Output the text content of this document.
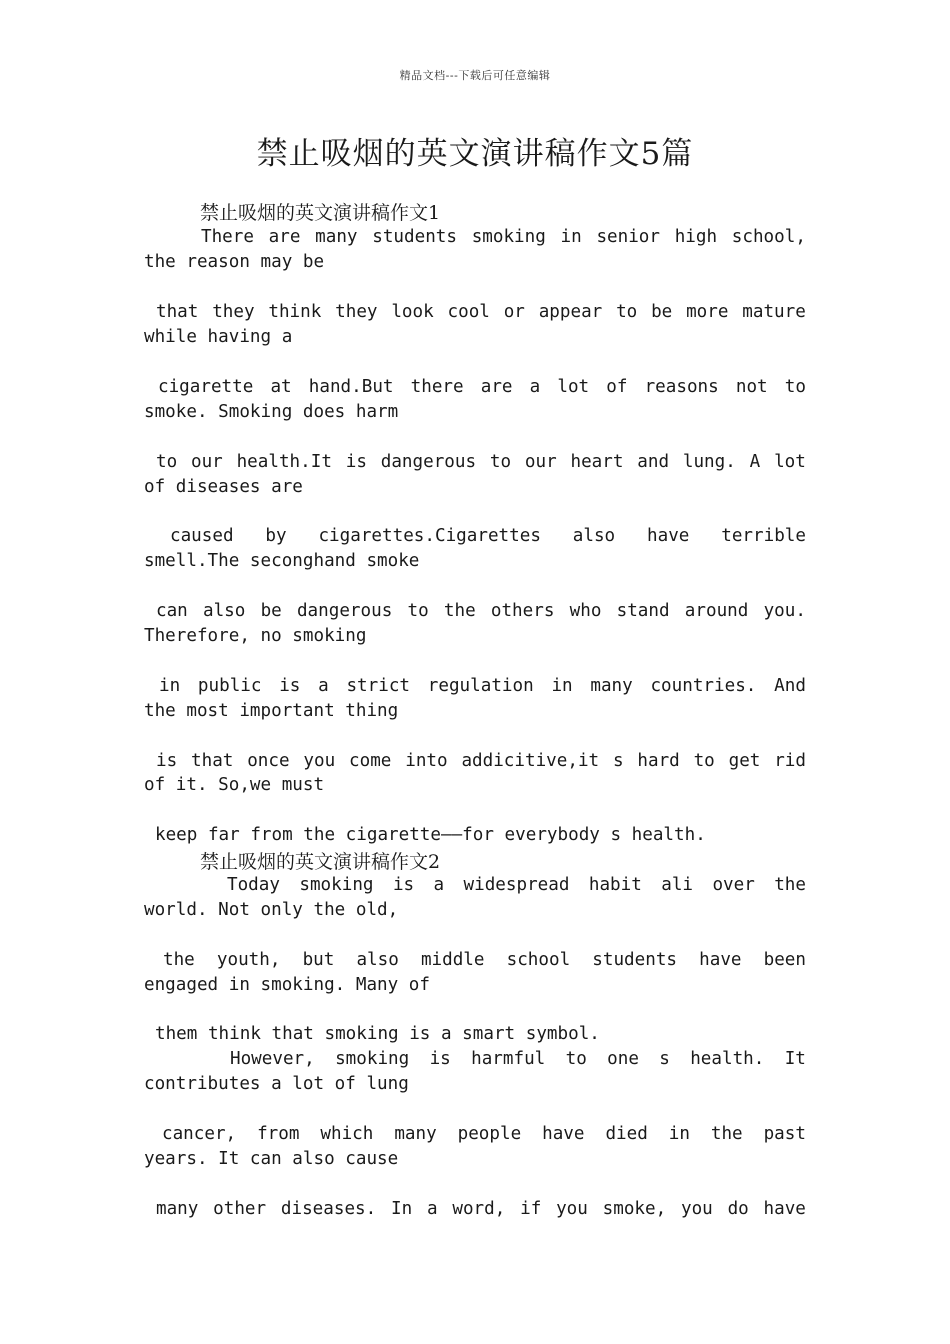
精品文档---下载后可任意编辑
禁止吸烟的英文演讲稿作文5篇
禁止吸烟的英文演讲稿作文1

There are many students smoking in senior high school,
the reason may be
that they think they look cool or appear to be more mature
while having a
cigarette at hand.But there are a lot of reasons not to
smoke. Smoking does harm
to our health.It is dangerous to our heart and lung. A lot
of diseases are
caused by cigarettes.Cigarettes also have terrible
smell.The seconghand smoke
can also be dangerous to the others who stand around you.
Therefore, no smoking
in public is a strict regulation in many countries. And
the most important thing
is that once you come into addicitive,it s hard to get rid
of it. So,we must
keep far from the cigarette——for everybody s health.
禁止吸烟的英文演讲稿作文2
Today smoking is a widespread habit ali over the
world. Not only the old,
the youth, but also middle school students have been
engaged in smoking. Many of
them think that smoking is a smart symbol.
However, smoking is harmful to one s health. It
contributes a lot of lung
cancer, from which many people have died in the past
years. It can also cause
many other diseases. In a word, if you smoke, you do have
